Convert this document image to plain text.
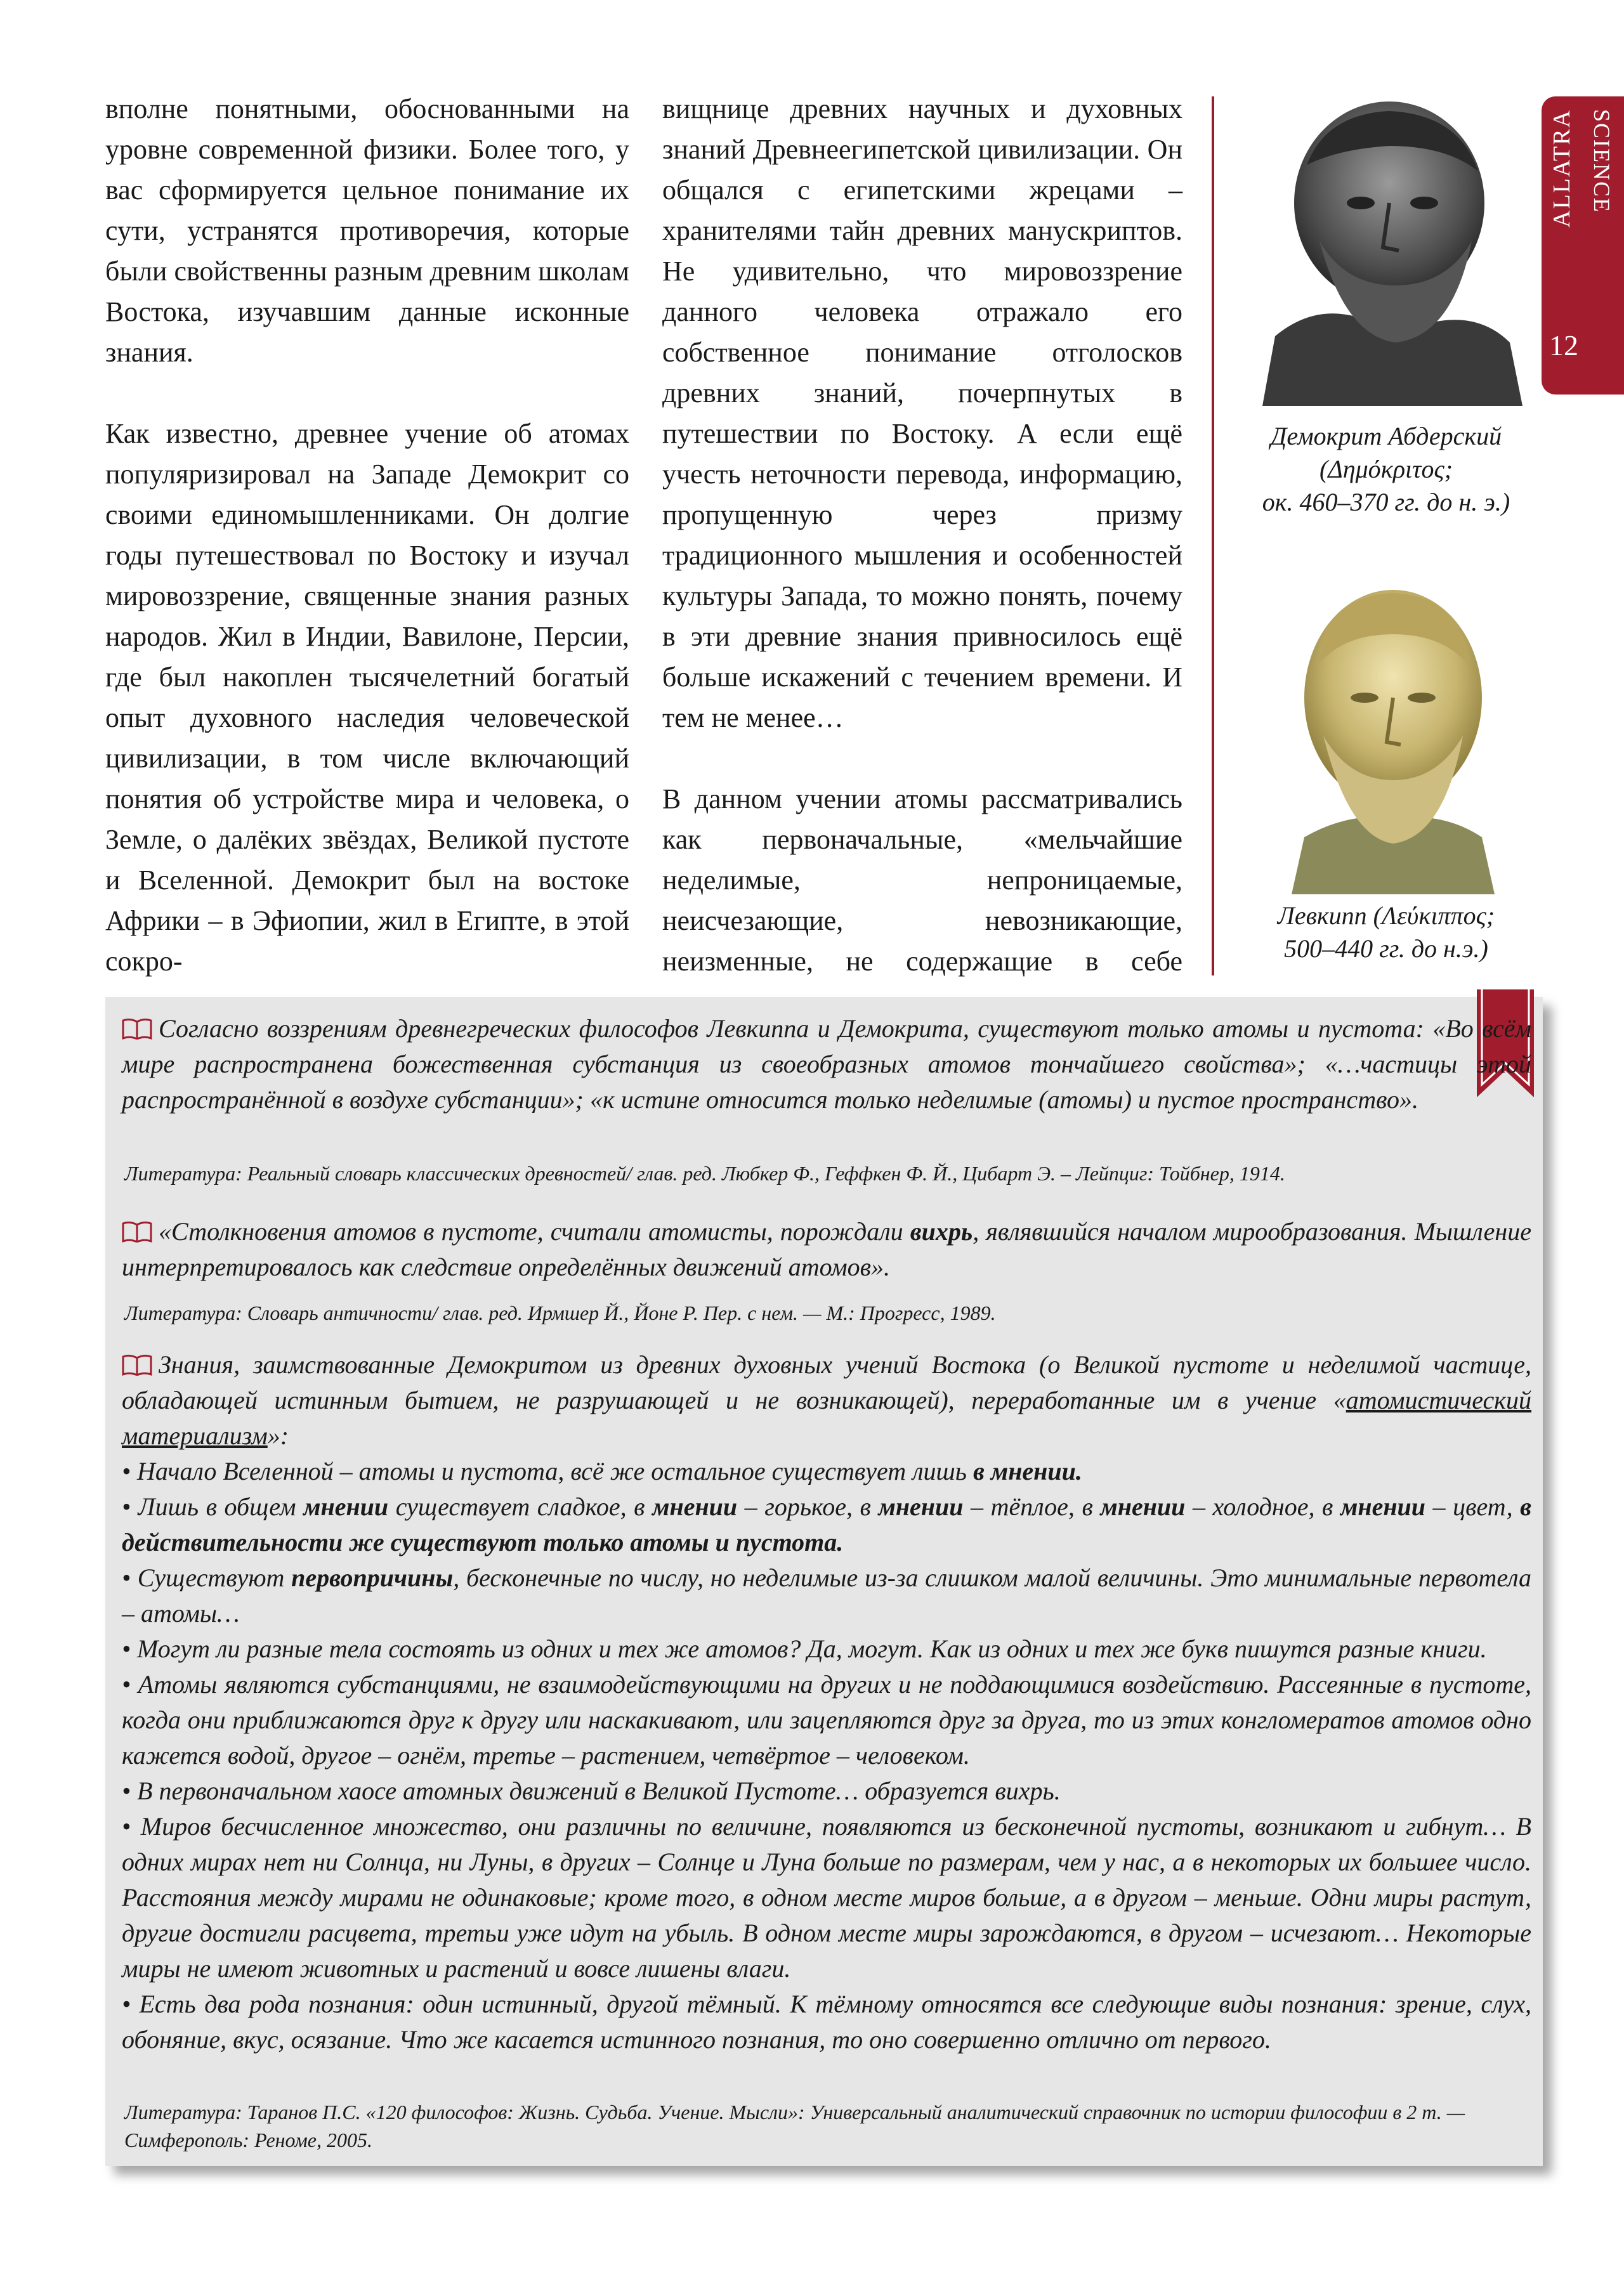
вполне понятными, обоснованными на уровне современной физики. Более того, у вас сформируется цельное понимание их сути, устранятся противоречия, которые были свойственны разным древним школам Востока, изучавшим данные исконные знания.

Как известно, древнее учение об атомах популяризировал на Западе Демокрит со своими единомышленниками. Он долгие годы путешествовал по Востоку и изучал мировоззрение, священные знания разных народов. Жил в Индии, Вавилоне, Персии, где был накоплен тысячелетний богатый опыт духовного наследия человеческой цивилизации, в том числе включающий понятия об устройстве мира и человека, о Земле, о далёких звёздах, Великой пустоте и Вселенной. Демокрит был на востоке Африки – в Эфиопии, жил в Египте, в этой сокро-

вищнице древних научных и духовных знаний Древнеегипетской цивилизации. Он общался с египетскими жрецами – хранителями тайн древних манускриптов. Не удивительно, что мировоззрение данного человека отражало его собственное понимание отголосков древних знаний, почерпнутых в путешествии по Востоку. А если ещё учесть неточности перевода, информацию, пропущенную через призму традиционного мышления и особенностей культуры Запада, то можно понять, почему в эти древние знания привносилось ещё больше искажений с течением времени. И тем не менее…

В данном учении атомы рассматривались как первоначальные, «мельчайшие неделимые, непроницаемые, неисчезающие, невозникающие, неизменные, не содержащие в себе

Демокрит Абдерский
(Δημόκριτος;
ок. 460–370 гг. до н. э.)
Левкипп (Λεύκιππος;
500–440 гг. до н.э.)
ALLATRA SCIENCE
12
Согласно воззрениям древнегреческих философов Левкиппа и Демокрита, существуют только атомы и пустота: «Во всём мире распространена божественная субстанция из своеобразных атомов тончайшего свойства»; «…частицы этой распространённой в воздухе субстанции»; «к истине относится только неделимые (атомы) и пустое пространство».
Литература: Реальный словарь классических древностей/ глав. ред. Любкер Ф., Геффкен Ф. Й., Цибарт Э. – Лейпциг: Тойбнер, 1914.
«Столкновения атомов в пустоте, считали атомисты, порождали вихрь, являвшийся началом мирообразования. Мышление интерпретировалось как следствие определённых движений атомов».
Литература: Словарь античности/ глав. ред. Ирмшер Й., Йоне Р. Пер. с нем. — М.: Прогресс, 1989.
Знания, заимствованные Демокритом из древних духовных учений Востока (о Великой пустоте и неделимой частице, обладающей истинным бытием, не разрушающей и не возникающей), переработанные им в учение «атомистический материализм»:
• Начало Вселенной – атомы и пустота, всё же остальное существует лишь в мнении.
• Лишь в общем мнении существует сладкое, в мнении – горькое, в мнении – тёплое, в мнении – холодное, в мнении – цвет, в действительности же существуют только атомы и пустота.
• Существуют первопричины, бесконечные по числу, но неделимые из-за слишком малой величины. Это минимальные первотела – атомы…
• Могут ли разные тела состоять из одних и тех же атомов? Да, могут. Как из одних и тех же букв пишутся разные книги.
• Атомы являются субстанциями, не взаимодействующими на других и не поддающимися воздействию. Рассеянные в пустоте, когда они приближаются друг к другу или наскакивают, или зацепляются друг за друга, то из этих конгломератов атомов одно кажется водой, другое – огнём, третье – растением, четвёртое – человеком.
• В первоначальном хаосе атомных движений в Великой Пустоте… образуется вихрь.
• Миров бесчисленное множество, они различны по величине, появляются из бесконечной пустоты, возникают и гибнут… В одних мирах нет ни Солнца, ни Луны, в других – Солнце и Луна больше по размерам, чем у нас, а в некоторых их большее число. Расстояния между мирами не одинаковые; кроме того, в одном месте миров больше, а в другом – меньше. Одни миры растут, другие достигли расцвета, третьи уже идут на убыль. В одном месте миры зарождаются, в другом – исчезают… Некоторые миры не имеют животных и растений и вовсе лишены влаги.
• Есть два рода познания: один истинный, другой тёмный. К тёмному относятся все следующие виды познания: зрение, слух, обоняние, вкус, осязание. Что же касается истинного познания, то оно совершенно отлично от первого.
Литература: Таранов П.С. «120 философов: Жизнь. Судьба. Учение. Мысли»: Универсальный аналитический справочник по истории философии в 2 т. — Симферополь: Реноме, 2005.
